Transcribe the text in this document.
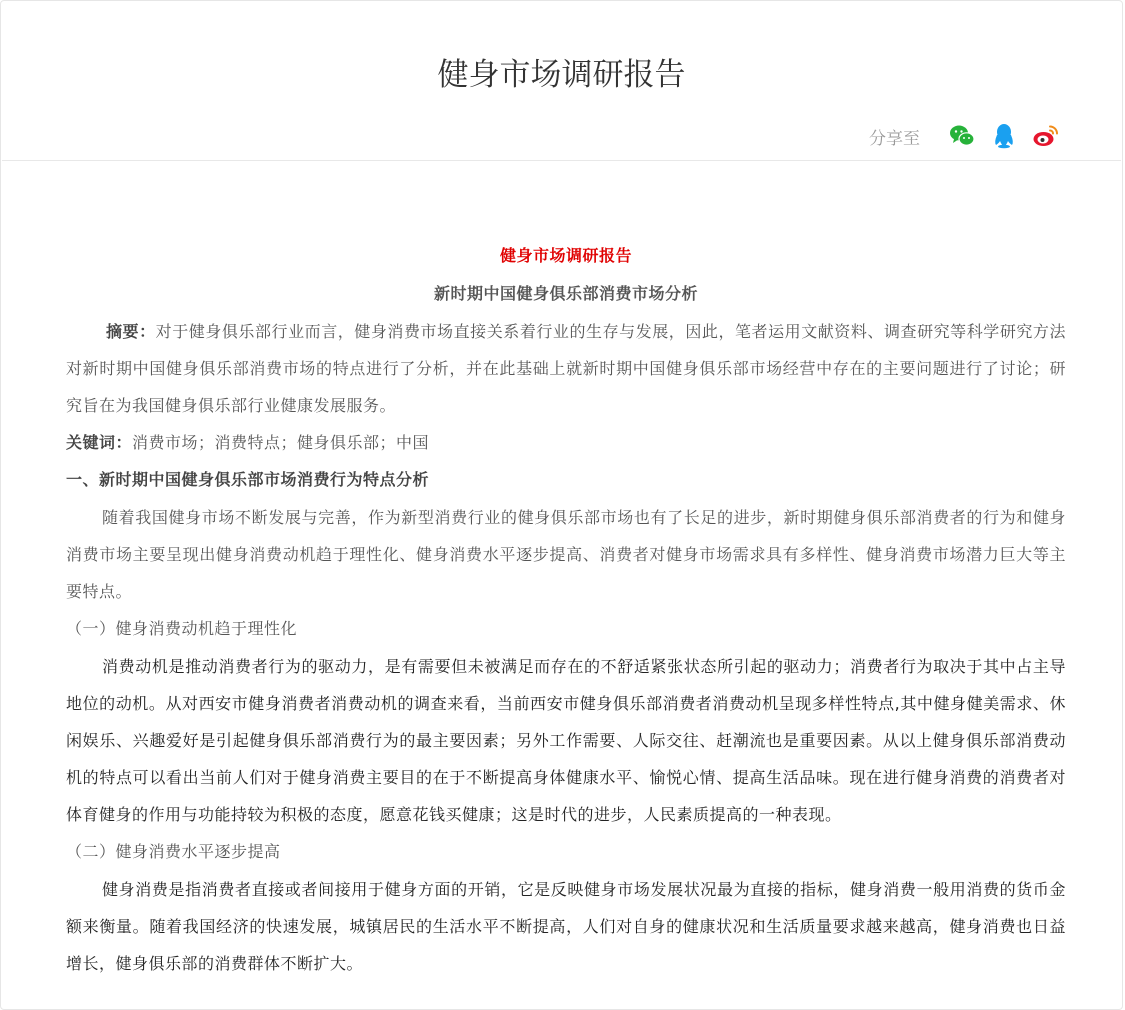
健身市场调研报告
分享至

健身市场调研报告

新时期中国健身俱乐部消费市场分析

摘要：对于健身俱乐部行业而言，健身消费市场直接关系着行业的生存与发展，因此，笔者运用文献资料、调查研究等科学研究方法对新时期中国健身俱乐部消费市场的特点进行了分析，并在此基础上就新时期中国健身俱乐部市场经营中存在的主要问题进行了讨论；研究旨在为我国健身俱乐部行业健康发展服务。

关键词：消费市场；消费特点；健身俱乐部；中国

一、新时期中国健身俱乐部市场消费行为特点分析

随着我国健身市场不断发展与完善，作为新型消费行业的健身俱乐部市场也有了长足的进步，新时期健身俱乐部消费者的行为和健身消费市场主要呈现出健身消费动机趋于理性化、健身消费水平逐步提高、消费者对健身市场需求具有多样性、健身消费市场潜力巨大等主要特点。

（一）健身消费动机趋于理性化

消费动机是推动消费者行为的驱动力，是有需要但未被满足而存在的不舒适紧张状态所引起的驱动力；消费者行为取决于其中占主导地位的动机。从对西安市健身消费者消费动机的调查来看，当前西安市健身俱乐部消费者消费动机呈现多样性特点,其中健身健美需求、休闲娱乐、兴趣爱好是引起健身俱乐部消费行为的最主要因素；另外工作需要、人际交往、赶潮流也是重要因素。从以上健身俱乐部消费动机的特点可以看出当前人们对于健身消费主要目的在于不断提高身体健康水平、愉悦心情、提高生活品味。现在进行健身消费的消费者对体育健身的作用与功能持较为积极的态度，愿意花钱买健康；这是时代的进步，人民素质提高的一种表现。

（二）健身消费水平逐步提高

健身消费是指消费者直接或者间接用于健身方面的开销，它是反映健身市场发展状况最为直接的指标，健身消费一般用消费的货币金额来衡量。随着我国经济的快速发展，城镇居民的生活水平不断提高，人们对自身的健康状况和生活质量要求越来越高，健身消费也日益增长，健身俱乐部的消费群体不断扩大。
